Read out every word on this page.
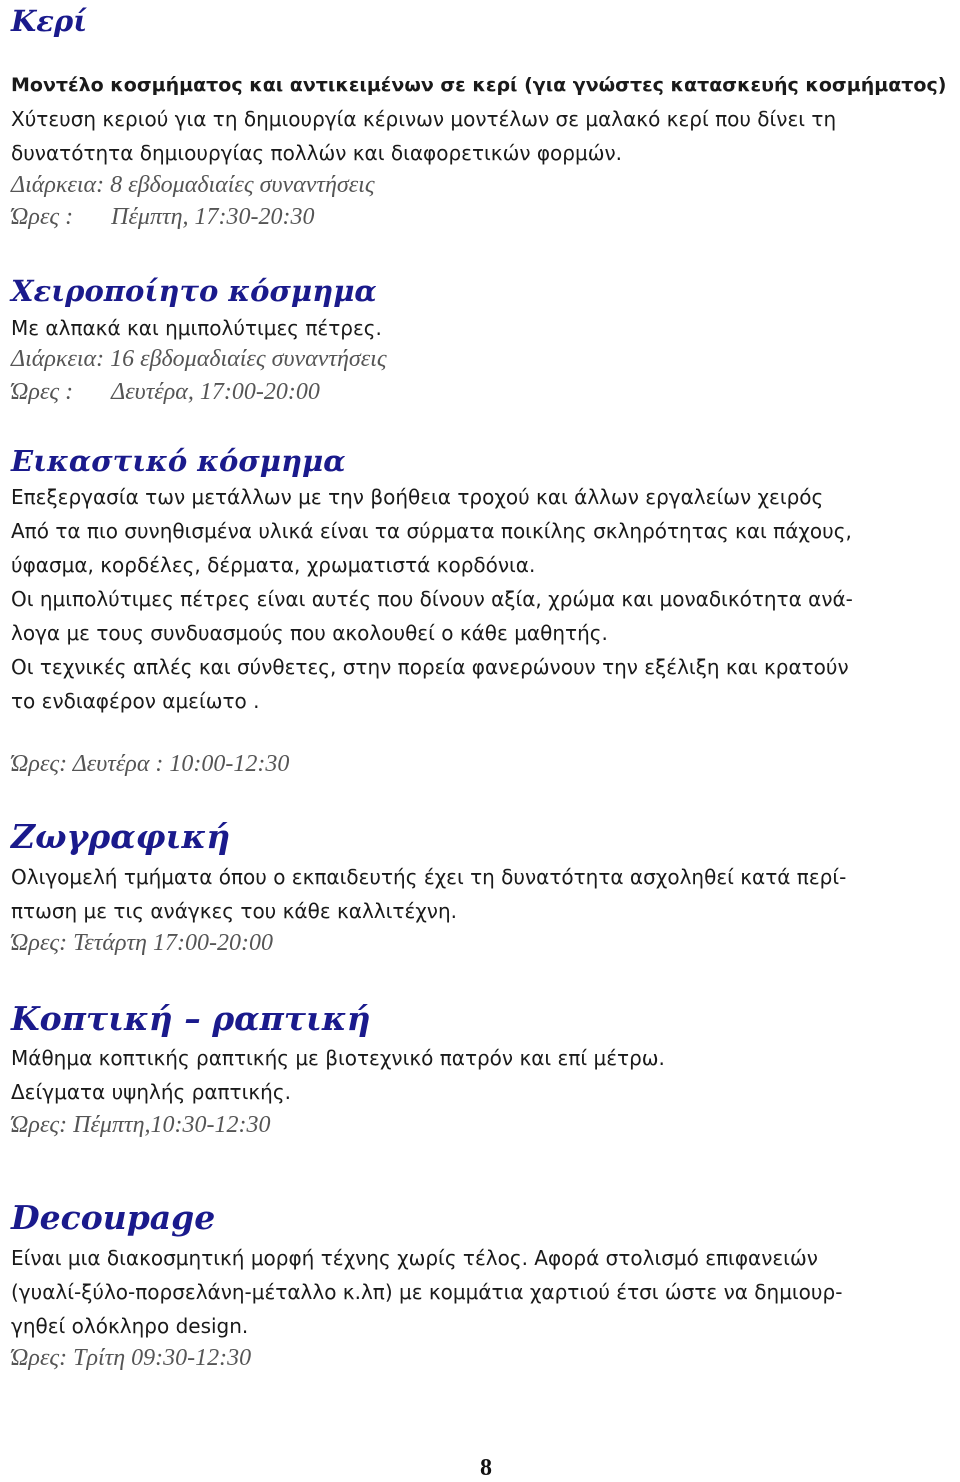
Κερί
Μοντέλο κοσμήματος και αντικειμένων σε κερί (για γνώστες κατασκευής κοσμήματος)
Χύτευση κεριού για τη δημιουργία κέρινων μοντέλων σε μαλακό κερί που δίνει τη
δυνατότητα δημιουργίας πολλών και διαφορετικών φορμών.
Διάρκεια: 8 εβδομαδιαίες συναντήσεις
Ώρες : Πέμπτη, 17:30-20:30
Χειροποίητο κόσμημα
Με αλπακά και ημιπολύτιμες πέτρες.
Διάρκεια: 16 εβδομαδιαίες συναντήσεις
Ώρες : Δευτέρα, 17:00-20:00
Εικαστικό κόσμημα
Επεξεργασία των μετάλλων με την βοήθεια τροχού και άλλων εργαλείων χειρός
Από τα πιο συνηθισμένα υλικά είναι τα σύρματα ποικίλης σκληρότητας και πάχους,
ύφασμα, κορδέλες, δέρματα, χρωματιστά κορδόνια.
Οι ημιπολύτιμες πέτρες είναι αυτές που δίνουν αξία, χρώμα και μοναδικότητα ανά-
λογα με τους συνδυασμούς που ακολουθεί ο κάθε μαθητής.
Οι τεχνικές απλές και σύνθετες, στην πορεία φανερώνουν την εξέλιξη και κρατούν
το ενδιαφέρον αμείωτο .
Ώρες: Δευτέρα : 10:00-12:30
Ζωγραφική
Ολιγομελή τμήματα όπου ο εκπαιδευτής έχει τη δυνατότητα ασχοληθεί κατά περί-
πτωση με τις ανάγκες του κάθε καλλιτέχνη.
Ώρες: Τετάρτη 17:00-20:00
Κοπτική – ραπτική
Μάθημα κοπτικής ραπτικής με βιοτεχνικό πατρόν και επί μέτρω.
Δείγματα υψηλής ραπτικής.
Ώρες: Πέμπτη,10:30-12:30
Decoupage
Είναι μια διακοσμητική μορφή τέχνης χωρίς τέλος. Αφορά στολισμό επιφανειών
(γυαλί-ξύλο-πορσελάνη-μέταλλο κ.λπ) με κομμάτια χαρτιού έτσι ώστε να δημιουρ-
γηθεί ολόκληρο design.
Ώρες: Τρίτη 09:30-12:30
8
